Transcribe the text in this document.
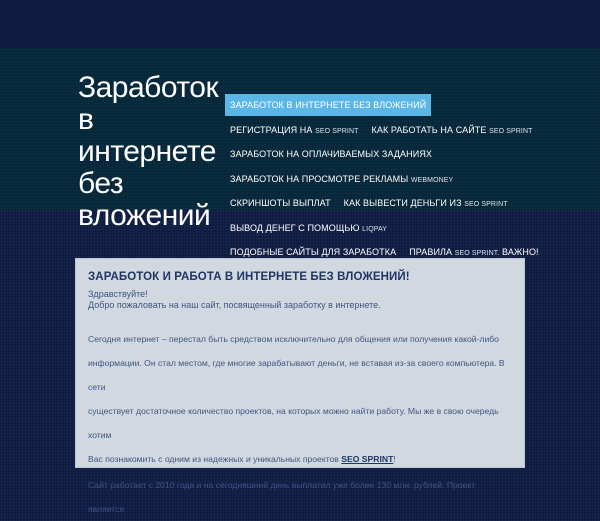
Заработок в интернете без вложений
ЗАРАБОТОК В ИНТЕРНЕТЕ БЕЗ ВЛОЖЕНИЙ
РЕГИСТРАЦИЯ НА SEO SPRINT КАК РАБОТАТЬ НА САЙТЕ SEO SPRINT
ЗАРАБОТОК НА ОПЛАЧИВАЕМЫХ ЗАДАНИЯХ
ЗАРАБОТОК НА ПРОСМОТРЕ РЕКЛАМЫ WEBMONEY
СКРИНШОТЫ ВЫПЛАТ КАК ВЫВЕСТИ ДЕНЬГИ ИЗ SEO SPRINT
ВЫВОД ДЕНЕГ С ПОМОЩЬЮ LIQPAY
ПОДОБНЫЕ САЙТЫ ДЛЯ ЗАРАБОТКА ПРАВИЛА SEO SPRINT. ВАЖНО!
ЗАРАБОТОК И РАБОТА В ИНТЕРНЕТЕ БЕЗ ВЛОЖЕНИЙ!

Здравствуйте!

Добро пожаловать на наш сайт, посвященный заработку в интернете.

Сегодня интернет – перестал быть средством исключительно для общения или получения какой-либо

информации. Он стал местом, где многие зарабатывают деньги, не вставая из-за своего компьютера. В сети

существует достаточное количество проектов, на которых можно найти работу. Мы же в свою очередь хотим

Вас познакомить с одним из надежных и уникальных проектов SEO SPRINT!

Сайт работает с 2010 года и на сегодняшний день выплатил уже более 130 млн. рублей. Проект является
